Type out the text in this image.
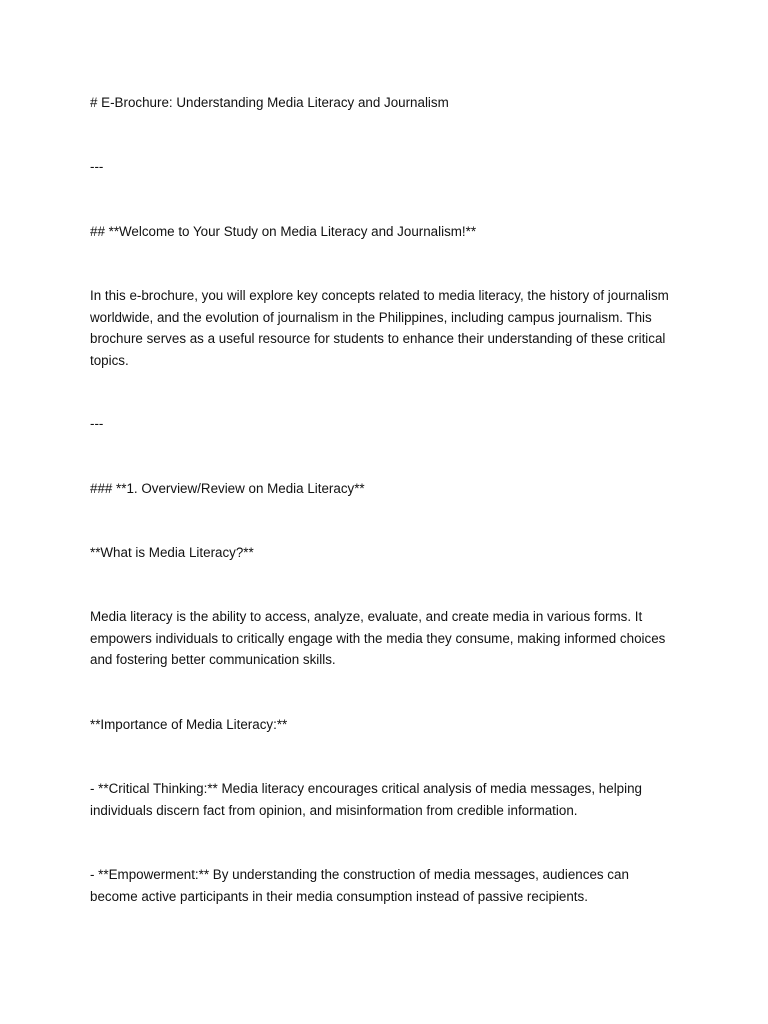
# E-Brochure: Understanding Media Literacy and Journalism

---

## **Welcome to Your Study on Media Literacy and Journalism!**

In this e-brochure, you will explore key concepts related to media literacy, the history of journalism worldwide, and the evolution of journalism in the Philippines, including campus journalism. This brochure serves as a useful resource for students to enhance their understanding of these critical topics.

---

### **1. Overview/Review on Media Literacy**

**What is Media Literacy?**

Media literacy is the ability to access, analyze, evaluate, and create media in various forms. It empowers individuals to critically engage with the media they consume, making informed choices and fostering better communication skills.

**Importance of Media Literacy:**

- **Critical Thinking:** Media literacy encourages critical analysis of media messages, helping individuals discern fact from opinion, and misinformation from credible information.

- **Empowerment:** By understanding the construction of media messages, audiences can become active participants in their media consumption instead of passive recipients.
